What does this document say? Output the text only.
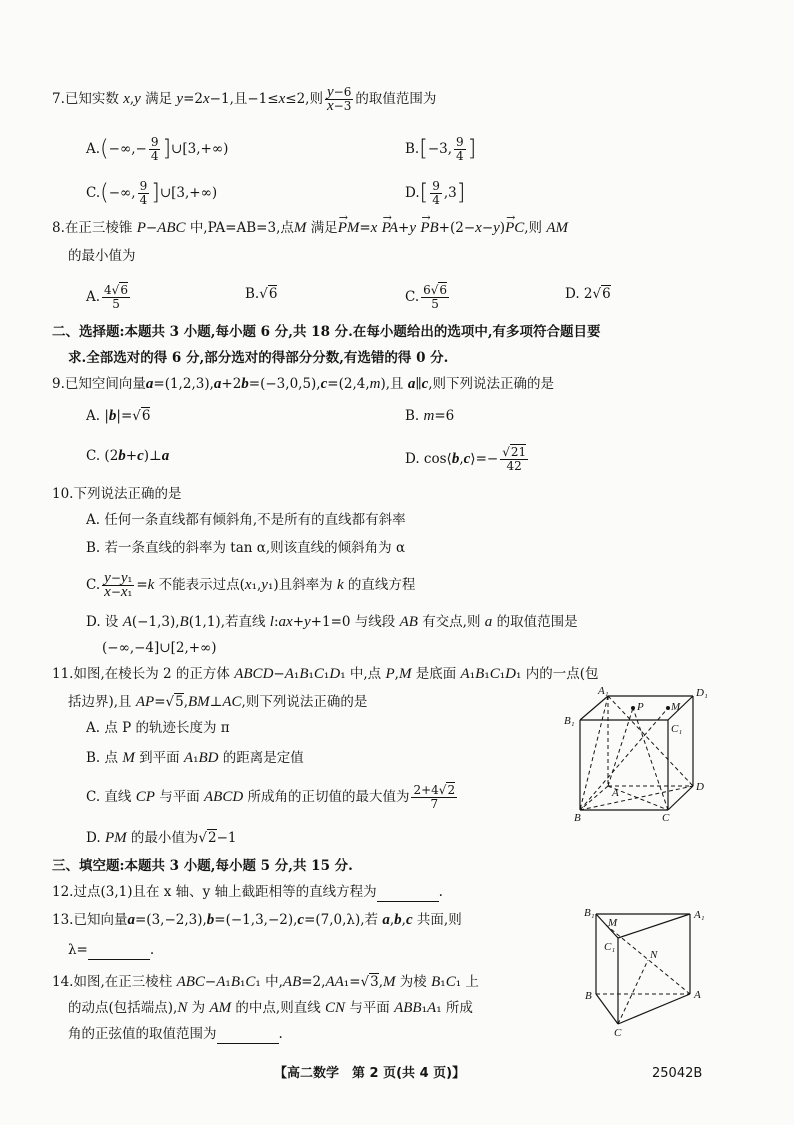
7.已知实数 x,y 满足 y=2x−1,且−1≤x≤2,则 $\frac{y-6}{x-3}$ 的取值范围为
$A.(-\infty,- \frac{9}{4}$ ]∪[3,+∞)	B.[−3, $\frac{9}{4}$ ]
C.(−∞, $\frac{9}{4}$ ]∪[3,+∞)	$D.[ \frac{9}{4} ,3]$
8.在正三棱锥 P−ABC 中,PA=AB=3,点M 满足→ PM=x → PA+y → PB+(2−x−y)→ PC,则 AM
的最小值为
A. $\frac{4√6}{5}$	B.√6	C. $\frac{6√6}{5}$	D. 2√6
二、选择题:本题共 3 小题,每小题 6 分,共 18 分.在每小题给出的选项中,有多项符合题目要
求.全部选对的得 6 分,部分选对的得部分分数,有选错的得 0 分.
9.已知空间向量a=(1,2,3),a+2b=(−3,0,5),c=(2,4,m),且 a∥c,则下列说法正确的是
A. |b|=√6	B. m=6
C. (2b+c)⊥a	D. cos⟨b,c⟩=− $\frac{√21}{42}$
10.下列说法正确的是
A. 任何一条直线都有倾斜角,不是所有的直线都有斜率
B. 若一条直线的斜率为 tan α,则该直线的倾斜角为 α
C. $\frac{\text{y−y₁}}{\text{x−x₁}} =k$ 不能表示过点(x₁,y₁)且斜率为 k 的直线方程
D. 设 A(−1,3),B(1,1),若直线 l:ax+y+1=0 与线段 AB 有交点,则 a 的取值范围是
(−∞,−4]∪[2,+∞)
11.如图,在棱长为 2 的正方体 ABCD−A₁B₁C₁D₁ 中,点 P,M 是底面 A₁B₁C₁D₁ 内的一点(包
括边界),且 AP=√5,BM⊥AC,则下列说法正确的是
A. 点 P 的轨迹长度为 π
B. 点 M 到平面 A₁BD 的距离是定值
C. 直线 CP 与平面 ABCD 所成角的正切值的最大值为 $\frac{2+4√2}{7}$
D. PM 的最小值为√2−1
A₁	D₁
B₁
C₁
P M
A	D
B	C
三、填空题:本题共 3 小题,每小题 5 分,共 15 分.
12.过点(3,1)且在 x 轴、y 轴上截距相等的直线方程为	.
13.已知向量a=(3,−2,3),b=(−1,3,−2),c=(7,0,λ),若 a,b,c 共面,则
λ=	.
B₁
M
A₁
C₁
N
B	A
C
14.如图,在正三棱柱 ABC−A₁B₁C₁ 中,AB=2,AA₁=√3,M 为棱 B₁C₁ 上
的动点(包括端点),N 为 AM 的中点,则直线 CN 与平面 ABB₁A₁ 所成
角的正弦值的取值范围为	.
【高二数学　第 2 页(共 4 页)】	25042B
